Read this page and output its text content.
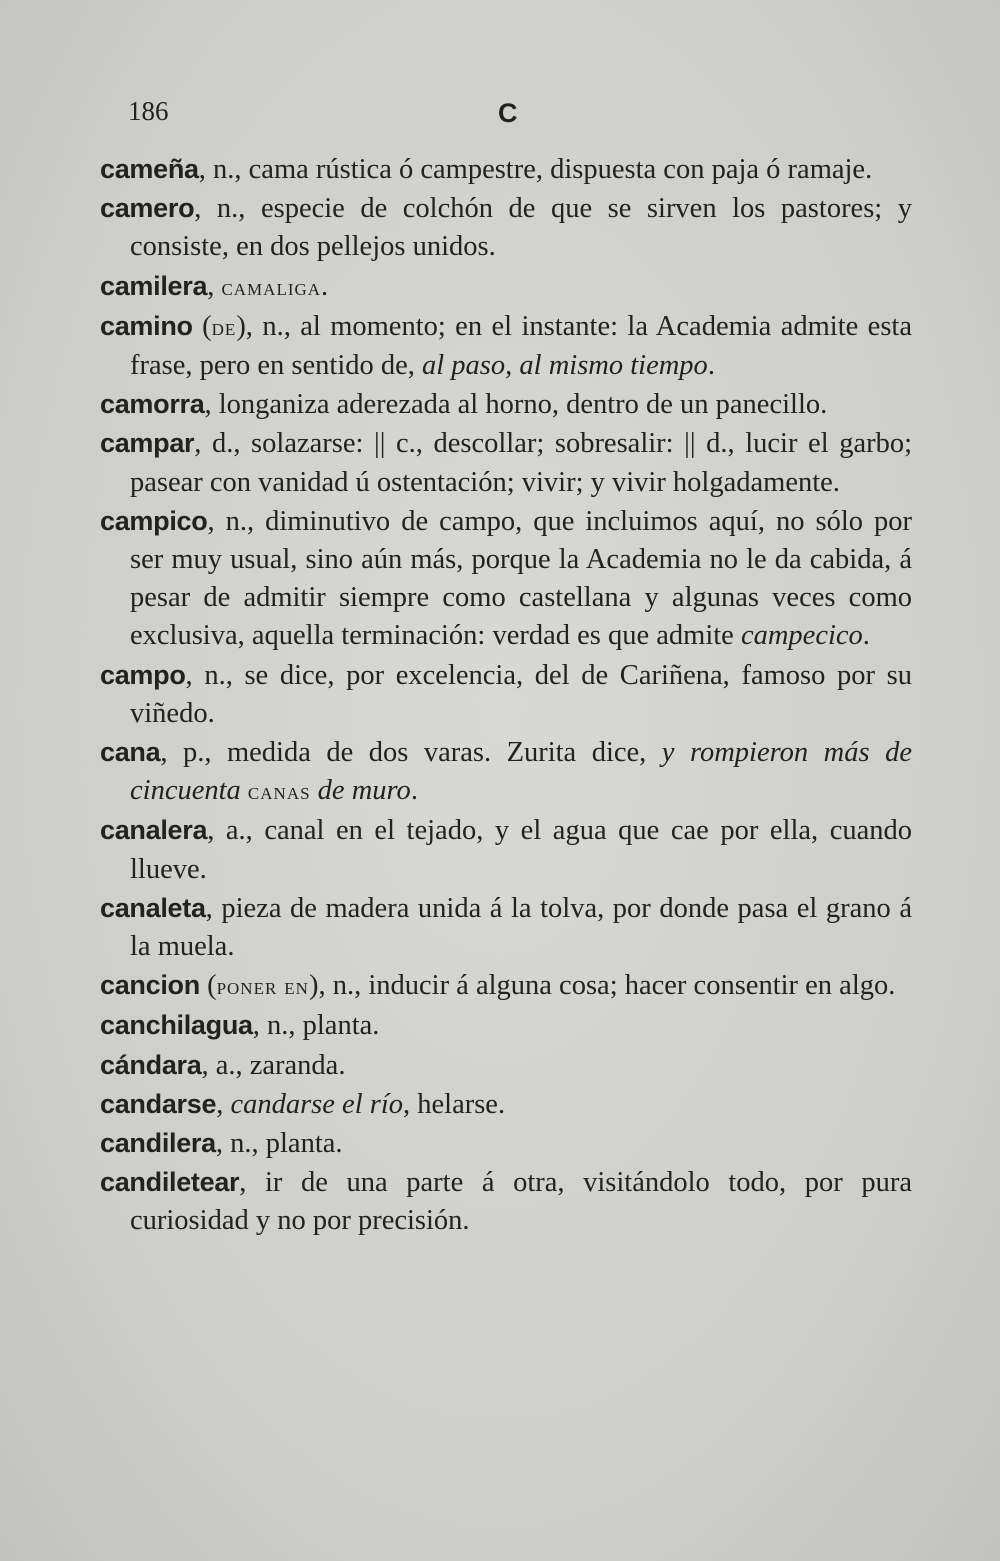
186	C

cameña, n., cama rústica ó campestre, dispuesta con paja ó ramaje.

camero, n., especie de colchón de que se sirven los pastores; y consiste, en dos pellejos unidos.

camilera, camaliga.

camino (de), n., al momento; en el instante: la Academia admite esta frase, pero en sentido de, al paso, al mismo tiempo.

camorra, longaniza aderezada al horno, dentro de un panecillo.

campar, d., solazarse: || c., descollar; sobresalir: || d., lucir el garbo; pasear con vanidad ú ostentación; vivir; y vivir holgadamente.

campico, n., diminutivo de campo, que incluimos aquí, no sólo por ser muy usual, sino aún más, porque la Academia no le da cabida, á pesar de admitir siempre como castellana y algunas veces como exclusiva, aquella terminación: verdad es que admite campecico.

campo, n., se dice, por excelencia, del de Cariñena, famoso por su viñedo.

cana, p., medida de dos varas. Zurita dice, y rompieron más de cincuenta canas de muro.

canalera, a., canal en el tejado, y el agua que cae por ella, cuando llueve.

canaleta, pieza de madera unida á la tolva, por donde pasa el grano á la muela.

cancion (poner en), n., inducir á alguna cosa; hacer consentir en algo.

canchilagua, n., planta.

cándara, a., zaranda.

candarse, candarse el río, helarse.

candilera, n., planta.

candiletear, ir de una parte á otra, visitándolo todo, por pura curiosidad y no por precisión.
